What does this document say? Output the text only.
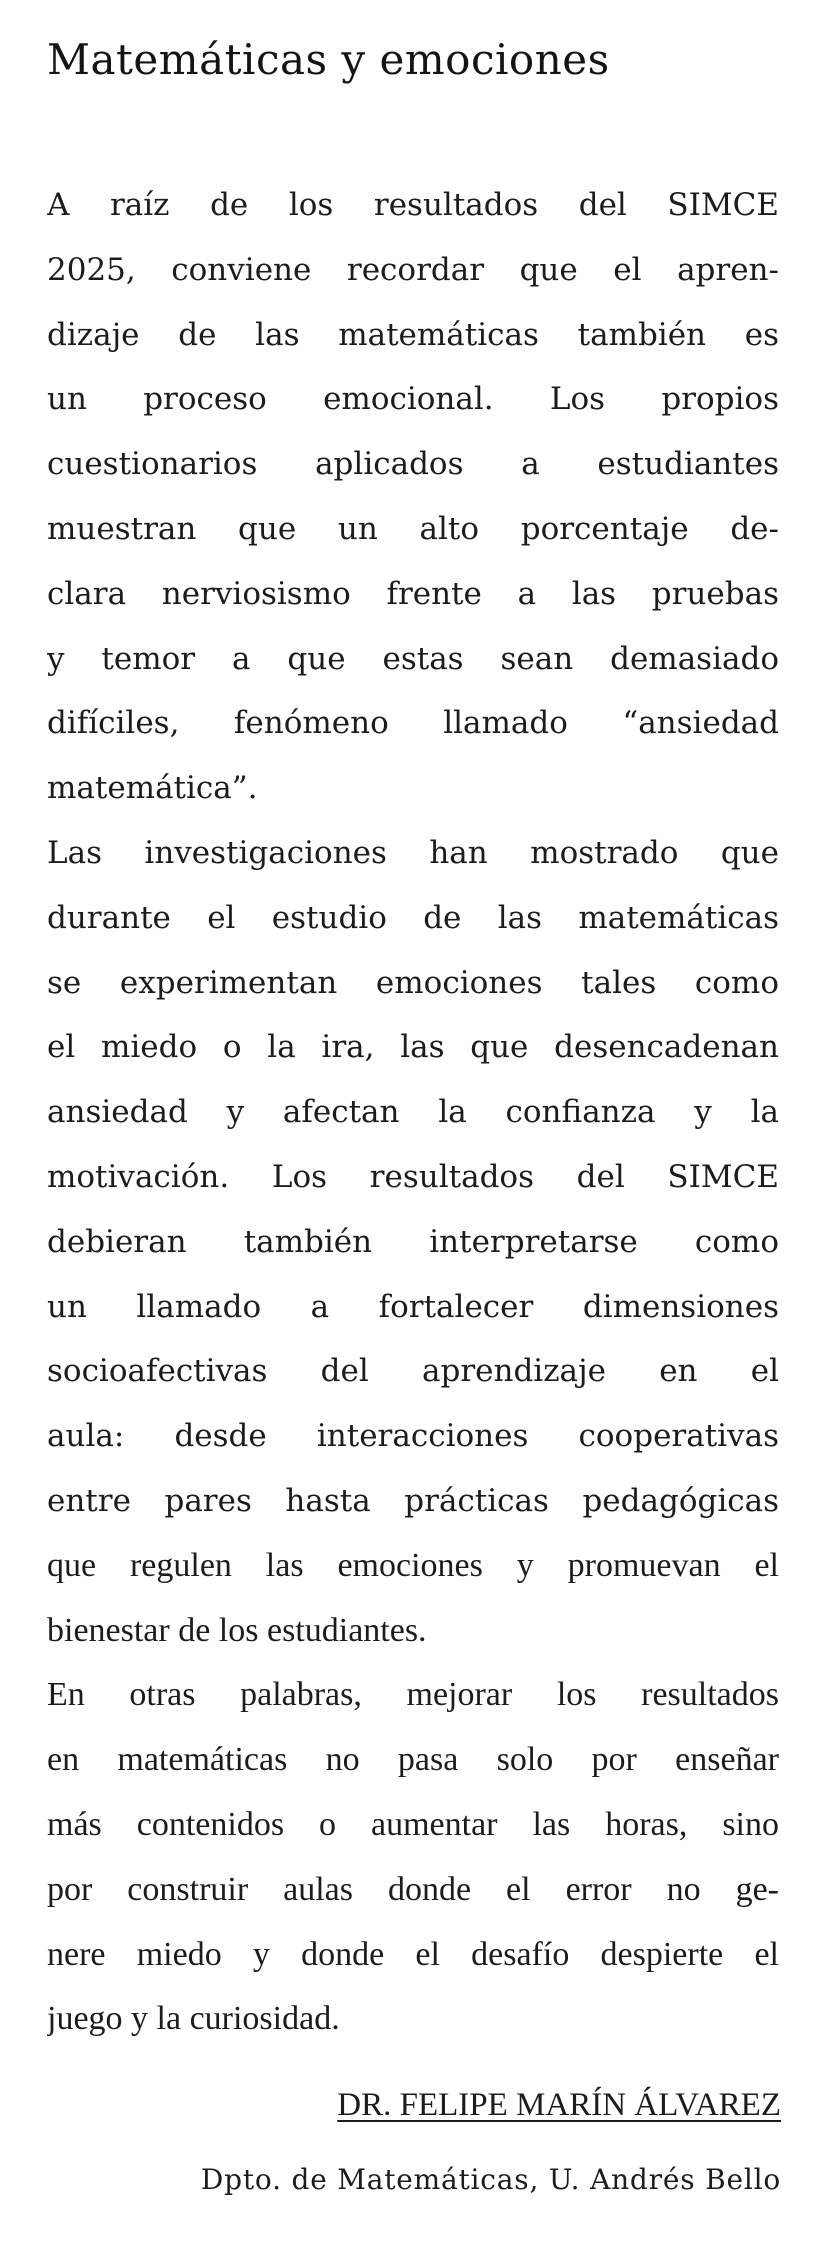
Matemáticas y emociones
A raíz de los resultados del SIMCE
2025, conviene recordar que el apren-
dizaje de las matemáticas también es
un proceso emocional. Los propios
cuestionarios aplicados a estudiantes
muestran que un alto porcentaje de-
clara nerviosismo frente a las pruebas
y temor a que estas sean demasiado
difíciles, fenómeno llamado “ansiedad
matemática”.
Las investigaciones han mostrado que
durante el estudio de las matemáticas
se experimentan emociones tales como
el miedo o la ira, las que desencadenan
ansiedad y afectan la confianza y la
motivación. Los resultados del SIMCE
debieran también interpretarse como
un llamado a fortalecer dimensiones
socioafectivas del aprendizaje en el
aula: desde interacciones cooperativas
entre pares hasta prácticas pedagógicas
que regulen las emociones y promuevan el
bienestar de los estudiantes.
En otras palabras, mejorar los resultados
en matemáticas no pasa solo por enseñar
más contenidos o aumentar las horas, sino
por construir aulas donde el error no ge-
nere miedo y donde el desafío despierte el
juego y la curiosidad.
DR. FELIPE MARÍN ÁLVAREZ
Dpto. de Matemáticas, U. Andrés Bello
